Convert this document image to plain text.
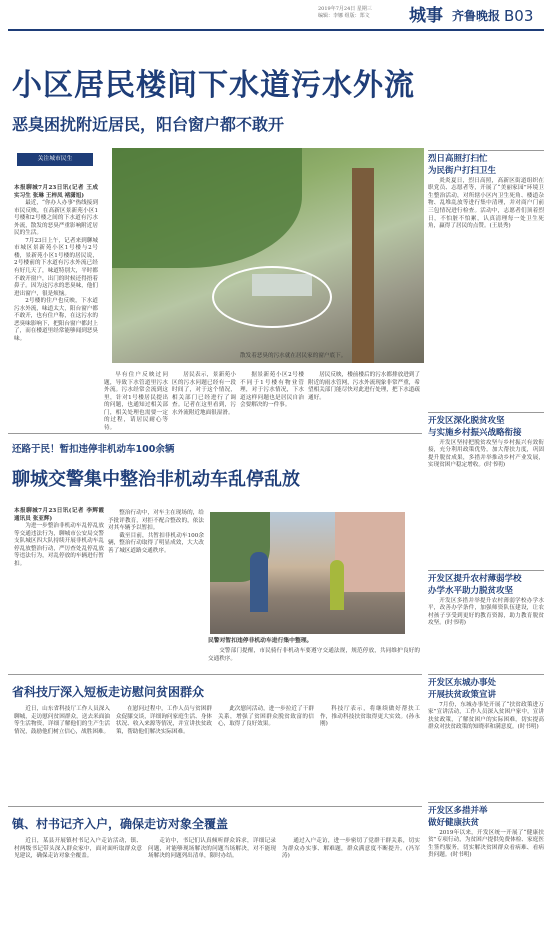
2019年7月24日 星期三
编辑：李娜 组版：郑文 城事 齐鲁晚报 B03
小区居民楼间下水道污水外流
恶臭困扰附近居民，阳台窗户都不敢开
关注城市民生

本报聊城7月23日讯(记者 王成 实习生 张琳 王梓凤 褚潇旭)

最近，“你办人办事"热线接到市民反映，在高新区景新苑小区1号楼和2号楼之间的下水道有污水外流，散发的恶臭严重影响附近居民的生活。

7月23日上午，记者来到聊城市城区景新苑小区1号楼与2号楼，景新苑小区1号楼的居民说，2号楼前的下水道有污水外流已经有好几天了，味道特别大，平时都不敢开窗户，出门的时候还得捂着鼻子。因为这污水的恶臭味，他们进出窗户，很是烦恼。

2号楼的住户也反映，下水道污水外流，味道太大，阳台窗户都不敢开，也有住户称，在这污水的恶臭味影响下，把阳台窗户都封上了，而在楼道里经常能够闻到恶臭味。

散发着恶臭的污水就在居民家的窗户底下。

早有住户反映过问题，导致下水管道里污水外流。污水经常会流到这里，针对1号楼居民提出的问题，也通知过相关部门，相关处理也需要一定的过程，请居民耐心等待。

居民表示，景新苑小区的污水问题已经有一段时间了，对于这个情况，相关部门已经进行了调查。记者在这里看到，污水外流附近地面很湿滑。

据景新苑小区2号楼不同于1号楼有物业管理，对于污水情况，下水道这样问题也是居民自治会要解决的一件事。

居民反映，楼前楼后的污水都排放进到了附近的雨水管网，污水外流现象非常严重，希望相关部门能尽快对此进行处理，把下水道疏通好。

烈日高照打扫忙
为民街户打扫卫生

炎炎夏日，烈日高照，高新区街道组织在职党员、志愿者等，开展了“美丽家园”环境卫生整治活动，对所辖小区内卫生死角、楼道杂物、乱堆乱放等进行集中清理，并对商户门前三包情况进行检查。活动中，志愿者们顶着烈日，不怕脏不怕累，认真清理每一处卫生死角，赢得了居民的点赞。(王晨秀)

开发区深化脱贫攻坚
与实施乡村振兴战略衔接

开发区坚持把脱贫攻坚与乡村振兴有效衔接，充分利用政策优势，加大帮扶力度，巩固提升脱贫成果，多措并举推动乡村产业发展，实现贫困户稳定增收。(时书明)

开发区提升农村薄弱学校
办学水平助力脱贫攻坚

开发区多措并举提升农村薄弱学校办学水平，改善办学条件，加强师资队伍建设，让农村孩子享受到更好的教育资源，助力教育脱贫攻坚。(时书明)

开发区东城办事处
开展扶贫政策宣讲

7月份，东城办事处开展了“扶贫政策进万家”宣讲活动，工作人员深入贫困户家中，宣讲扶贫政策，了解贫困户的实际困难，切实提高群众对扶贫政策的知晓率和满意度。(时书明)

开发区多措并举
做好健康扶贫

2019年以来，开发区统一开展了“健康扶贫”专项行动，为贫困户提供免费体检、家庭医生签约服务，切实解决贫困群众看病难、看病贵问题。(时书明)

还路于民！暂扣违停非机动车100余辆
聊城交警集中整治非机动车乱停乱放

本报聊城7月23日讯(记者 李辉霞 通讯员 张亚辉)

为进一步整治非机动车乱停乱放等交通违法行为，聊城市公安局交警支队城区四大队持续开展非机动车乱停乱放整治行动，严厉查处乱停乱放等违法行为，对乱停放的车辆进行暂扣。

整治行动中，对车主在现场的，给予批评教育，对拒不配合整改的，依法对其车辆予以暂扣。

截至目前，共暂扣非机动车100余辆，整治行动取得了明显成效，大大改善了城区道路交通秩序。

民警对暂扣违停非机动车进行集中整理。

交警部门提醒，市民骑行非机动车要遵守交通法规，规范停放，共同维护良好的交通秩序。

省科技厅深入短板走访慰问贫困群众

近日，山东省科技厅工作人员深入聊城，走访慰问贫困群众，送去米面油等生活物资，详细了解他们的生产生活情况，鼓励他们树立信心，战胜困难。

在慰问过程中，工作人员与贫困群众促膝交谈，详细询问家庭生活、身体状况、收入来源等情况，并宣讲扶贫政策，帮助他们解决实际困难。

此次慰问活动，进一步拉近了干群关系，增强了贫困群众脱贫致富的信心，取得了良好效果。

科技厅表示，将继续做好帮扶工作，推动科技扶贫取得更大实效。(孙永刚)

镇、村书记齐入户，确保走访对象全覆盖

近日，某县开展镇村书记入户走访活动，镇、村两级书记带头深入群众家中，面对面听取群众意见建议，确保走访对象全覆盖。

走访中，书记们认真倾听群众诉求，详细记录问题，对能够现场解决的问题当场解决，对不能现场解决的问题列出清单，限时办结。

通过入户走访，进一步密切了党群干群关系，切实为群众办实事、解难题，群众满意度不断提升。(冯军涛)
